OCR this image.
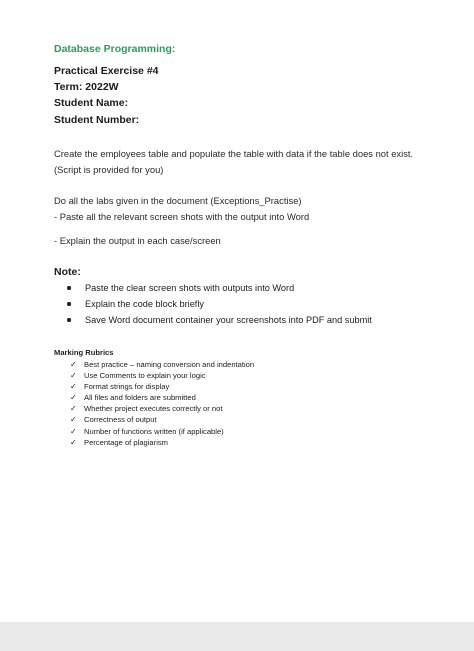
Database Programming:
Practical Exercise #4
Term: 2022W
Student Name:
Student Number:
Create the employees table and populate the table with data if the table does not exist.
(Script is provided for you)
Do all the labs given in the document (Exceptions_Practise)
- Paste all the relevant screen shots with the output into Word
- Explain the output in each case/screen
Note:
Paste the clear screen shots with outputs into Word
Explain the code block briefly
Save Word document container your screenshots into PDF and submit
Marking Rubrics
✓ Best practice – naming conversion and indentation
✓ Use Comments to explain your logic
✓ Format strings for display
✓ All files and folders are submitted
✓ Whether project executes correctly or not
✓ Correctness of output
✓ Number of functions written (if applicable)
✓ Percentage of plagiarism
